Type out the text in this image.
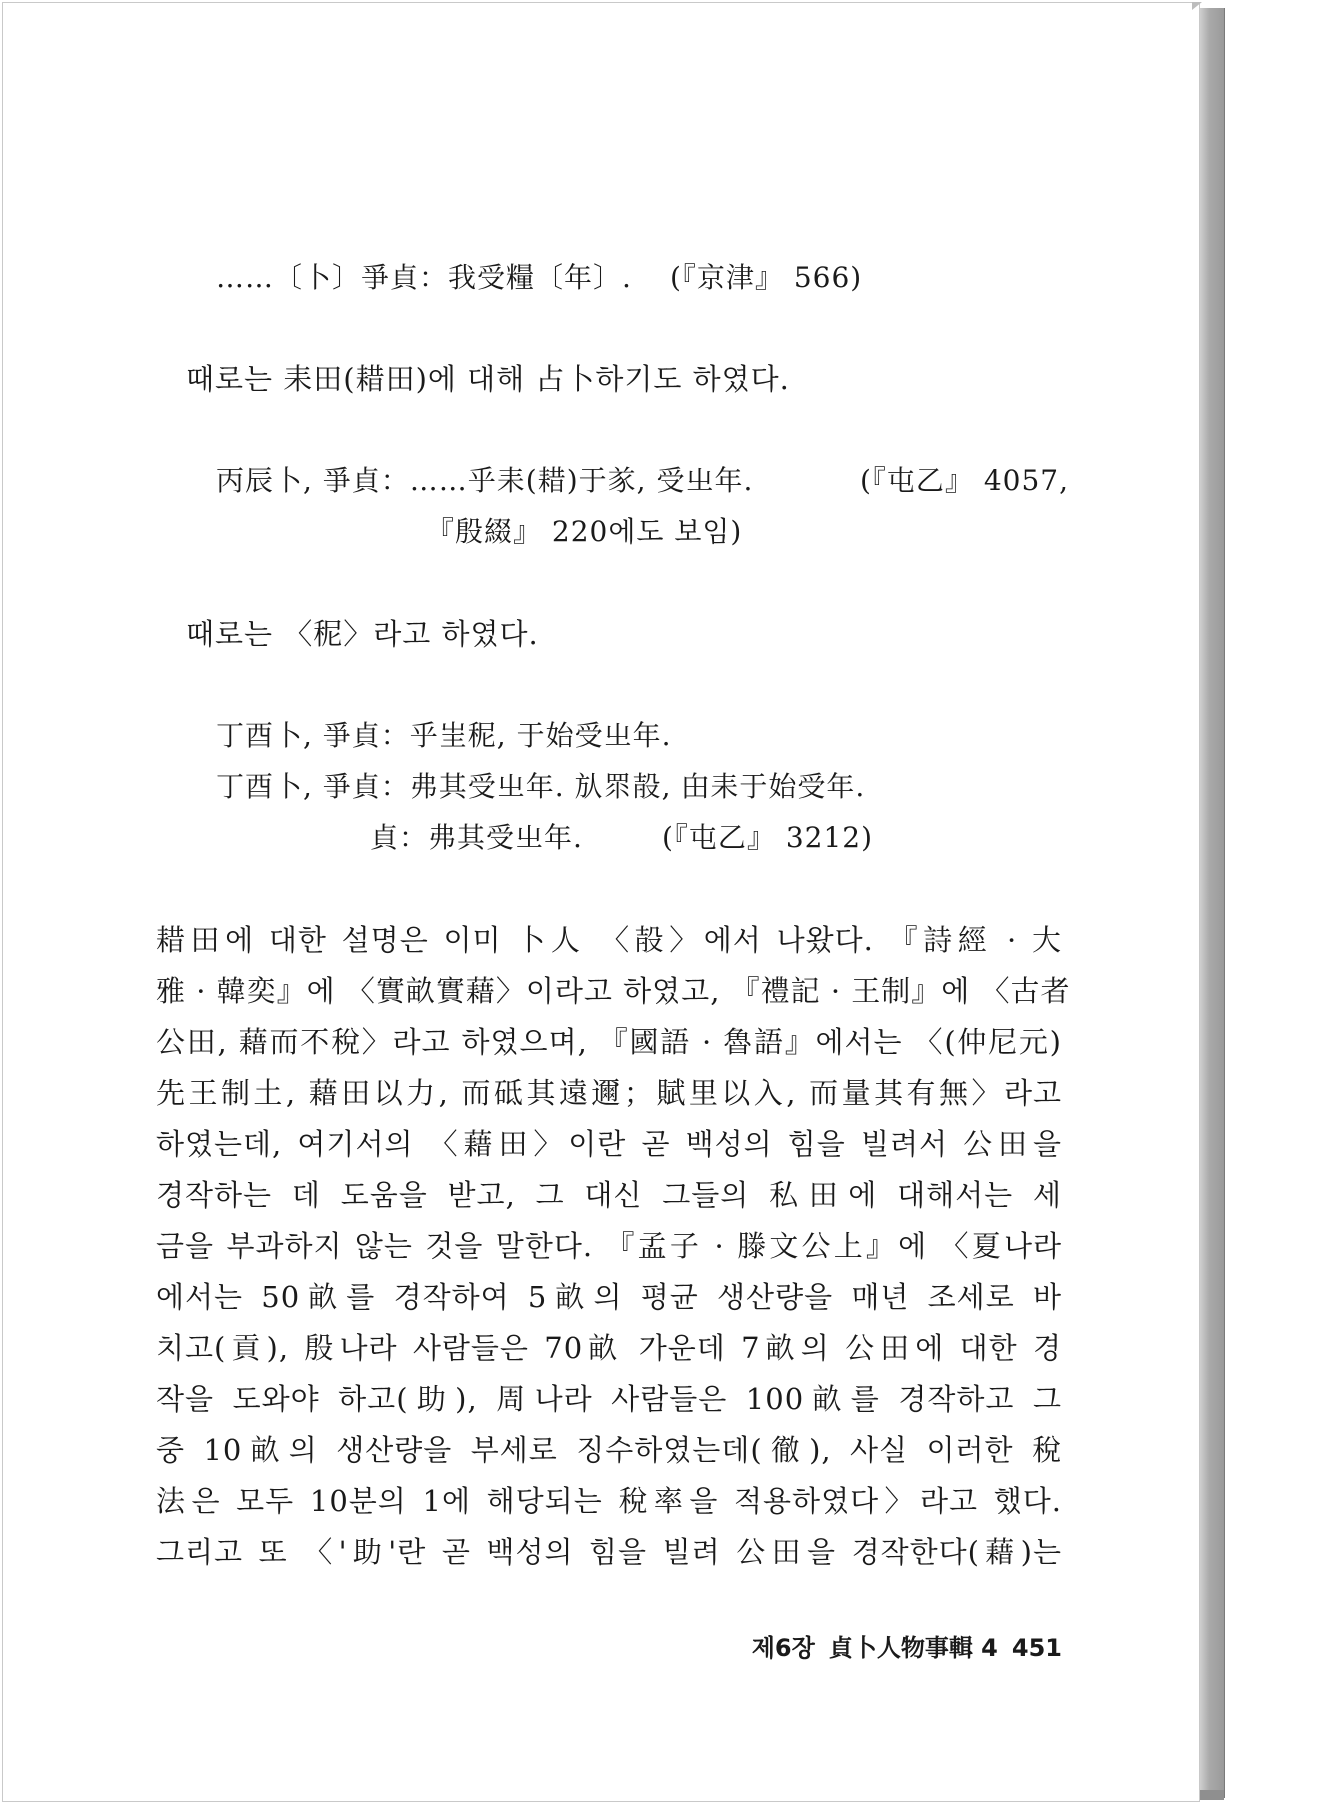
……〔卜〕爭貞：我受糧〔年〕. (『京津』 566)
때로는 耒田(耤田)에 대해 占卜하기도 하였다.
丙辰卜, 爭貞：……乎耒(耤)于㒸, 受㞢年.	(『屯乙』 4057,
『殷綴』 220에도 보임)
때로는 〈秜〉라고 하였다.
丁酉卜, 爭貞：乎㞷秜, 于始受㞢年.
丁酉卜, 爭貞：弗其受㞢年. 㫃眔㱿, 甶耒于始受年.
貞：弗其受㞢年.	(『屯乙』 3212)
耤田에 대한 설명은 이미 卜人 〈㱿〉에서 나왔다. 『詩經 · 大
雅 · 韓奕』에 〈實畝實藉〉이라고 하였고, 『禮記 · 王制』에 〈古者
公田, 藉而不稅〉라고 하였으며, 『國語 · 魯語』에서는 〈(仲尼元)
先王制土, 藉田以力, 而砥其遠邇；賦里以入, 而量其有無〉라고
하였는데, 여기서의 〈藉田〉이란 곧 백성의 힘을 빌려서 公田을
경작하는 데 도움을 받고, 그 대신 그들의 私田에 대해서는 세
금을 부과하지 않는 것을 말한다. 『孟子 · 滕文公上』에 〈夏나라
에서는 50畝를 경작하여 5畝의 평균 생산량을 매년 조세로 바
치고(貢), 殷나라 사람들은 70畝 가운데 7畝의 公田에 대한 경
작을 도와야 하고(助), 周나라 사람들은 100畝를 경작하고 그
중 10畝의 생산량을 부세로 징수하였는데(徹), 사실 이러한 稅
法은 모두 10분의 1에 해당되는 稅率을 적용하였다〉라고 했다.
그리고 또 〈'助'란 곧 백성의 힘을 빌려 公田을 경작한다(藉)는
제6장 貞卜人物事輯 4 451
